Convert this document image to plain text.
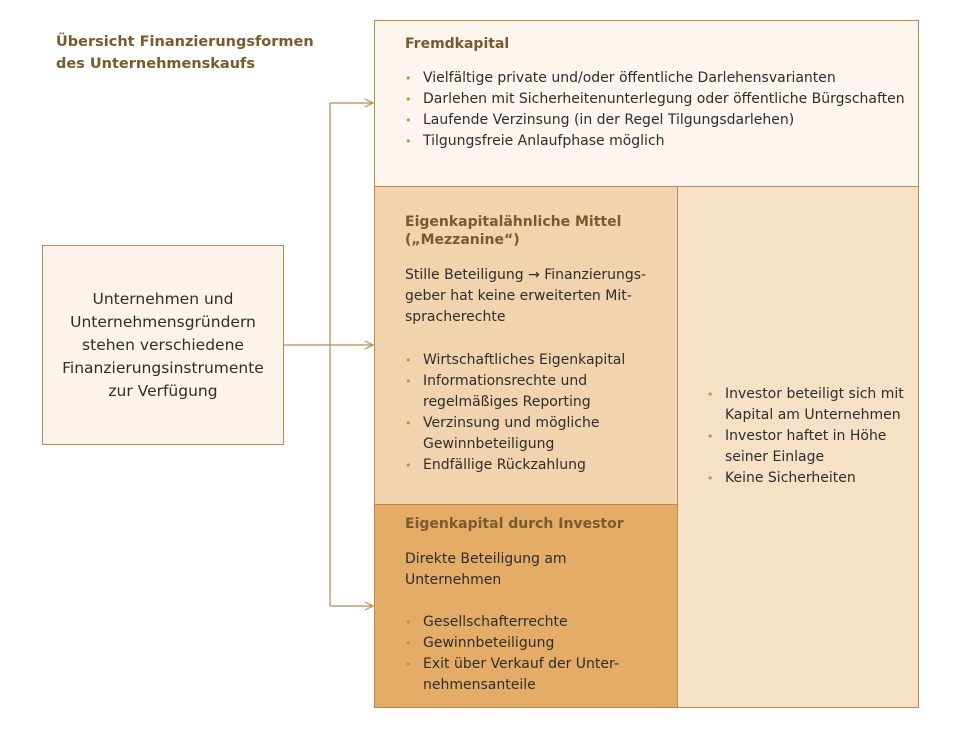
Übersicht Finanzierungsformen
des Unternehmenskaufs
Unternehmen und Unternehmensgründern stehen verschiedene Finanzierungsinstrumente zur Verfügung
Fremdkapital
• Vielfältige private und/oder öffentliche Darlehensvarianten
• Darlehen mit Sicherheitenunterlegung oder öffentliche Bürgschaften
• Laufende Verzinsung (in der Regel Tilgungsdarlehen)
• Tilgungsfreie Anlaufphase möglich
Eigenkapitalähnliche Mittel
(„Mezzanine“)
Stille Beteiligung → Finanzierungs-geber hat keine erweiterten Mit-spracherechte
• Wirtschaftliches Eigenkapital
• Informationsrechte und regelmäßiges Reporting
• Verzinsung und mögliche Gewinnbeteiligung
• Endfällige Rückzahlung
Eigenkapital durch Investor
Direkte Beteiligung am Unternehmen
• Gesellschafterrechte
• Gewinnbeteiligung
• Exit über Verkauf der Unter-nehmensanteile
• Investor beteiligt sich mit Kapital am Unternehmen
• Investor haftet in Höhe seiner Einlage
• Keine Sicherheiten
